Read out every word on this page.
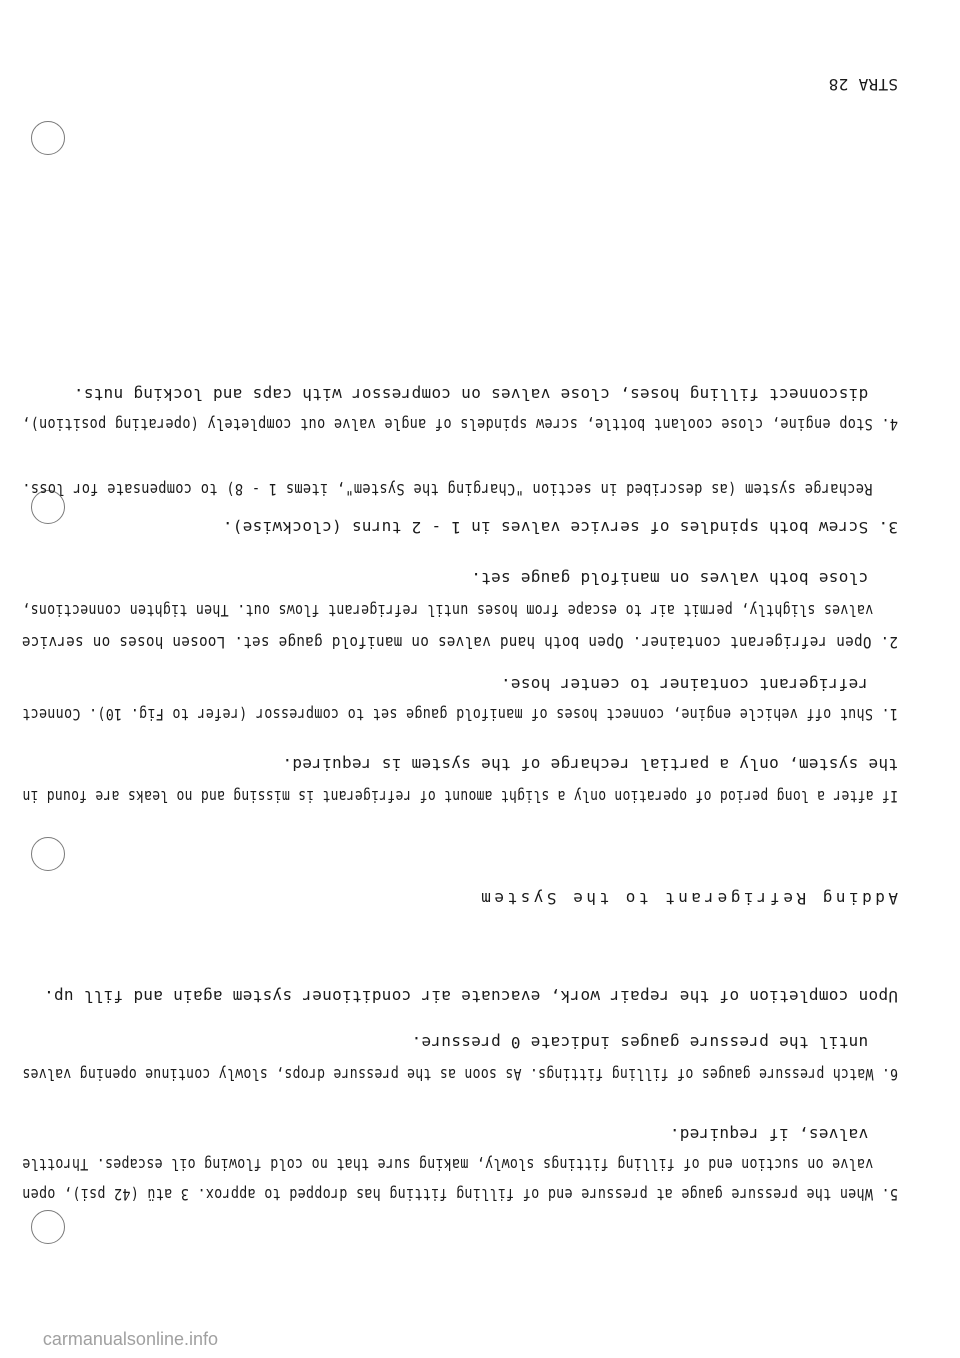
STRA 28
4. Stop engine, close coolant bottle, screw spindels of angle valve out completely (operating position),
disconnect filling hoses, close valves on compressor with caps and locking nuts.
3. Screw both spindles of service valves in 1 - 2 turns (clockwise).
Recharge system (as described in section "Charging the System", items 1 - 8) to compensate for loss.
2. Open refrigerant container. Open both hand valves on manifold gauge set. Loosen hoses on service
valves slightly, permit air to escape from hoses until refrigerant flows out. Then tighten connections,
close both valves on manifold gauge set.
1. Shut off vehicle engine, connect hoses of manifold gauge set to compressor (refer to Fig. 10). Connect
refrigerant container to center hose.
If after a long period of operation only a slight amount of refrigerant is missing and no leaks are found in
the system, only a partial recharge of the system is required.
Adding Refrigerant to the System
Upon completion of the repair work, evacuate air conditioner system again and fill up.
6. Watch pressure gauges of filling fittings. As soon as the pressure drops, slowly continue opening valves
until the pressure gauges indicate 0 pressure.
5. When the pressure gauge at pressure end of filling fitting has dropped to approx. 3 atü (42 psi), open
valve on suction end of filling fittings slowly, making sure that no cold flowing oil escapes. Throttle
valves, if required.
carmanualsonline.info
